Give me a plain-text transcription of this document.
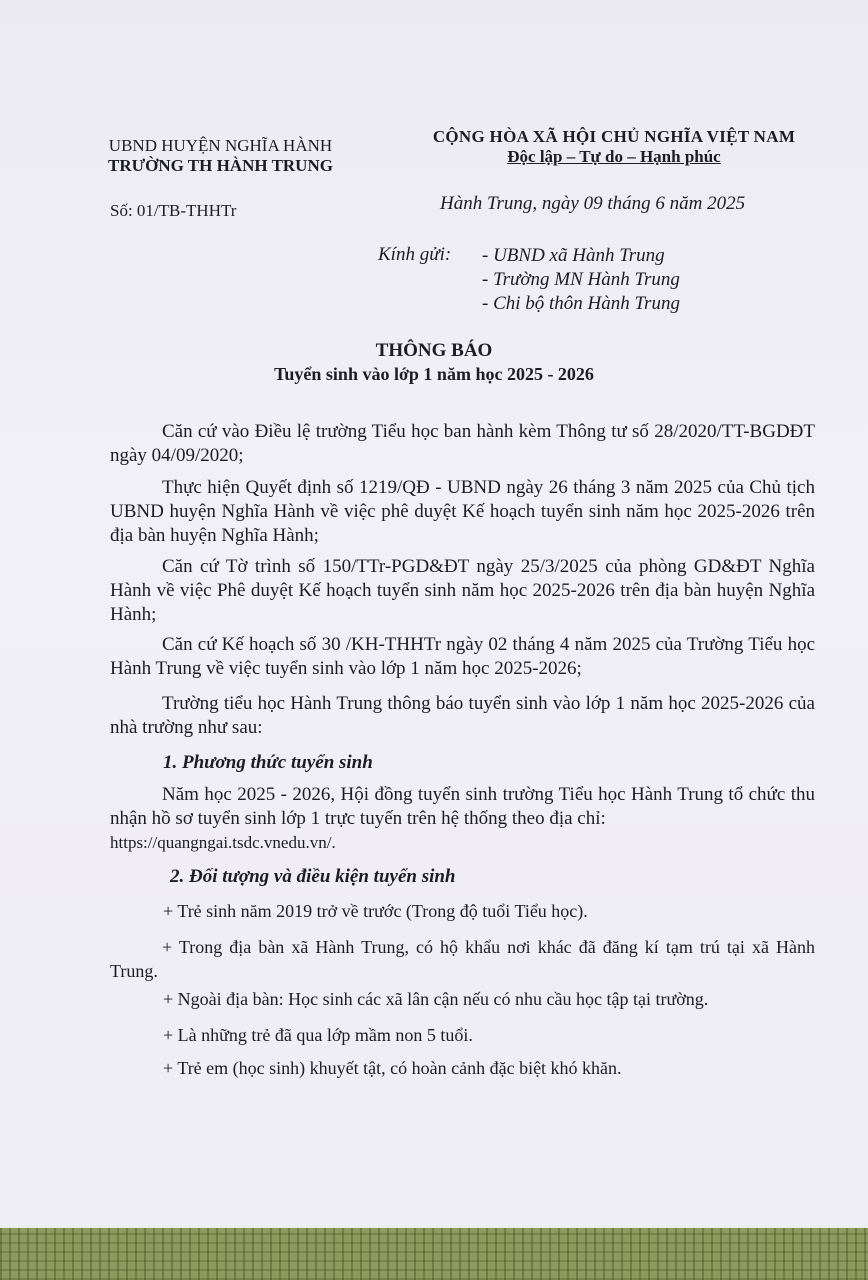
UBND HUYỆN NGHĨA HÀNH
TRƯỜNG TH HÀNH TRUNG
CỘNG HÒA XÃ HỘI CHỦ NGHĨA VIỆT NAM
Độc lập – Tự do – Hạnh phúc
Số: 01/TB-THHTr	Hành Trung, ngày 09 tháng 6 năm 2025
Kính gửi: - UBND xã Hành Trung
- Trường MN Hành Trung
- Chi bộ thôn Hành Trung
THÔNG BÁO
Tuyển sinh vào lớp 1 năm học 2025 - 2026
Căn cứ vào Điều lệ trường Tiểu học ban hành kèm Thông tư số 28/2020/TT-BGDĐT ngày 04/09/2020;
Thực hiện Quyết định số 1219/QĐ - UBND ngày 26 tháng 3 năm 2025 của Chủ tịch UBND huyện Nghĩa Hành về việc phê duyệt Kế hoạch tuyển sinh năm học 2025-2026 trên địa bàn huyện Nghĩa Hành;
Căn cứ Tờ trình số 150/TTr-PGD&ĐT ngày 25/3/2025 của phòng GD&ĐT Nghĩa Hành về việc Phê duyệt Kế hoạch tuyển sinh năm học 2025-2026 trên địa bàn huyện Nghĩa Hành;
Căn cứ Kế hoạch số 30 /KH-THHTr ngày 02 tháng 4 năm 2025 của Trường Tiểu học Hành Trung về việc tuyển sinh vào lớp 1 năm học 2025-2026;
Trường tiểu học Hành Trung thông báo tuyển sinh vào lớp 1 năm học 2025-2026 của nhà trường như sau:
1. Phương thức tuyển sinh
Năm học 2025 - 2026, Hội đồng tuyển sinh trường Tiểu học Hành Trung tổ chức thu nhận hồ sơ tuyển sinh lớp 1 trực tuyến trên hệ thống theo địa chỉ:
https://quangngai.tsdc.vnedu.vn/.
2. Đối tượng và điều kiện tuyển sinh
+ Trẻ sinh năm 2019 trở về trước (Trong độ tuổi Tiểu học).
+ Trong địa bàn xã Hành Trung, có hộ khẩu nơi khác đã đăng kí tạm trú tại xã Hành Trung.
+ Ngoài địa bàn: Học sinh các xã lân cận nếu có nhu cầu học tập tại trường.
+ Là những trẻ đã qua lớp mầm non 5 tuổi.
+ Trẻ em (học sinh) khuyết tật, có hoàn cảnh đặc biệt khó khăn.
